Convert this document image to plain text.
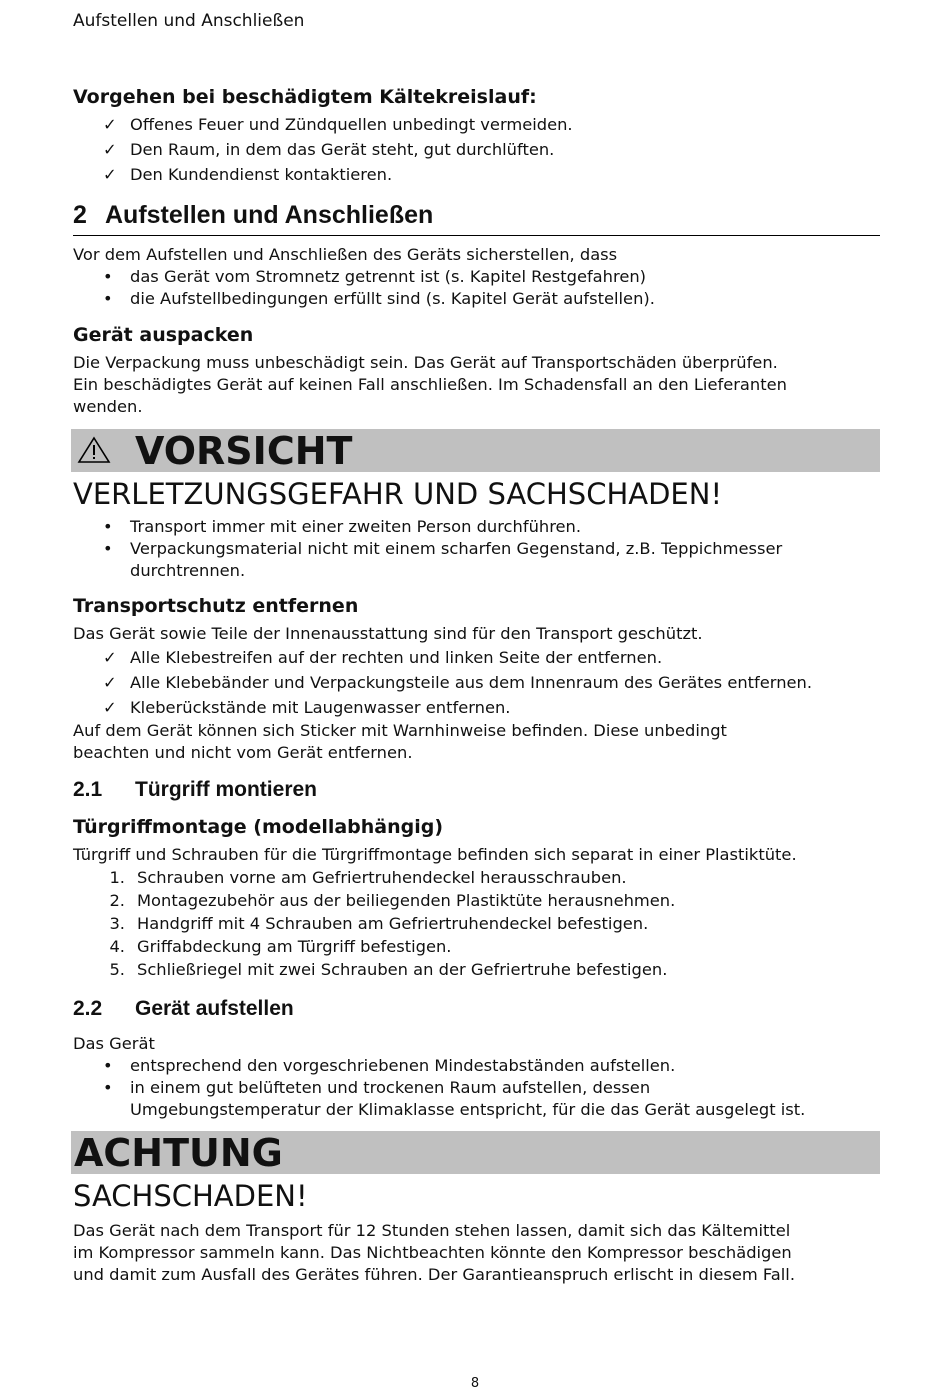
Aufstellen und Anschließen
Vorgehen bei beschädigtem Kältekreislauf:
✓ Offenes Feuer und Zündquellen unbedingt vermeiden.
✓ Den Raum, in dem das Gerät steht, gut durchlüften.
✓ Den Kundendienst kontaktieren.
2 Aufstellen und Anschließen

Vor dem Aufstellen und Anschließen des Geräts sicherstellen, dass

• das Gerät vom Stromnetz getrennt ist (s. Kapitel Restgefahren)
• die Aufstellbedingungen erfüllt sind (s. Kapitel Gerät aufstellen).
Gerät auspacken

Die Verpackung muss unbeschädigt sein. Das Gerät auf Transportschäden überprüfen.

Ein beschädigtes Gerät auf keinen Fall anschließen. Im Schadensfall an den Lieferanten

wenden.

VORSICHT

VERLETZUNGSGEFAHR UND SACHSCHADEN!

• Transport immer mit einer zweiten Person durchführen.
• Verpackungsmaterial nicht mit einem scharfen Gegenstand, z.B. Teppichmesser
durchtrennen.
Transportschutz entfernen

Das Gerät sowie Teile der Innenausstattung sind für den Transport geschützt.

✓ Alle Klebestreifen auf der rechten und linken Seite der entfernen.
✓ Alle Klebebänder und Verpackungsteile aus dem Innenraum des Gerätes entfernen.
✓ Kleberückstände mit Laugenwasser entfernen.

Auf dem Gerät können sich Sticker mit Warnhinweise befinden. Diese unbedingt

beachten und nicht vom Gerät entfernen.

2.1 Türgriff montieren
Türgriffmontage (modellabhängig)

Türgriff und Schrauben für die Türgriffmontage befinden sich separat in einer Plastiktüte.

1. Schrauben vorne am Gefriertruhendeckel herausschrauben.
2. Montagezubehör aus der beiliegenden Plastiktüte herausnehmen.
3. Handgriff mit 4 Schrauben am Gefriertruhendeckel befestigen.
4. Griffabdeckung am Türgriff befestigen.
5. Schließriegel mit zwei Schrauben an der Gefriertruhe befestigen.
2.2 Gerät aufstellen

Das Gerät

• entsprechend den vorgeschriebenen Mindestabständen aufstellen.
• in einem gut belüfteten und trockenen Raum aufstellen, dessen
Umgebungstemperatur der Klimaklasse entspricht, für die das Gerät ausgelegt ist.
ACHTUNG

SACHSCHADEN!

Das Gerät nach dem Transport für 12 Stunden stehen lassen, damit sich das Kältemittel

im Kompressor sammeln kann. Das Nichtbeachten könnte den Kompressor beschädigen

und damit zum Ausfall des Gerätes führen. Der Garantieanspruch erlischt in diesem Fall.

8
